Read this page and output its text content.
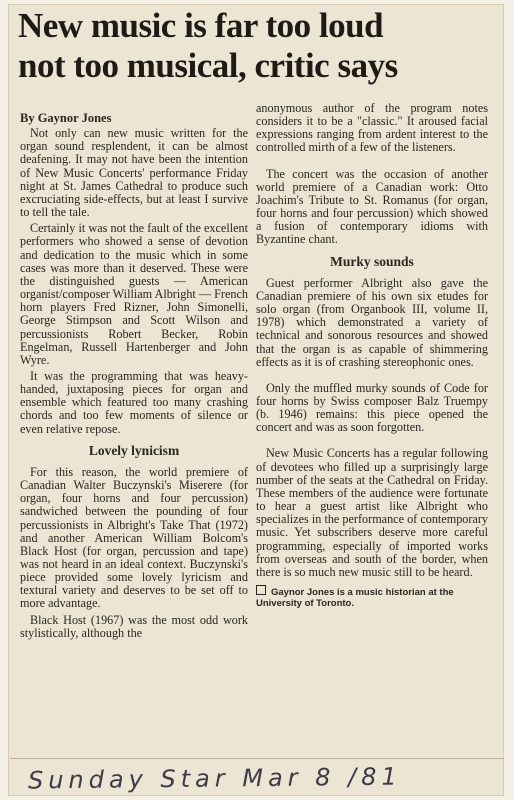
New music is far too loud
not too musical, critic says
By Gaynor Jones

Not only can new music written for the organ sound resplendent, it can be almost deafening. It may not have been the intention of New Music Concerts' performance Friday night at St. James Cathedral to produce such excruciating side-effects, but at least I survive to tell the tale.

Certainly it was not the fault of the excellent performers who showed a sense of devotion and dedication to the music which in some cases was more than it deserved. These were the distinguished guests — American organist/composer William Albright — French horn players Fred Rizner, John Simonelli, George Stimpson and Scott Wilson and percussionists Robert Becker, Robin Engelman, Russell Hartenberger and John Wyre.

It was the programming that was heavy-handed, juxtaposing pieces for organ and ensemble which featured too many crashing chords and too few moments of silence or even relative repose.

Lovely lynicism

For this reason, the world premiere of Canadian Walter Buczynski's Miserere (for organ, four horns and four percussion) sandwiched between the pounding of four percussionists in Albright's Take That (1972) and another American William Bolcom's Black Host (for organ, percussion and tape) was not heard in an ideal context. Buczynski's piece provided some lovely lyricism and textural variety and deserves to be set off to more advantage.

Black Host (1967) was the most odd work stylistically, although the

anonymous author of the program notes considers it to be a "classic." It aroused facial expressions ranging from ardent interest to the controlled mirth of a few of the listeners.

The concert was the occasion of another world premiere of a Canadian work: Otto Joachim's Tribute to St. Romanus (for organ, four horns and four percussion) which showed a fusion of contemporary idioms with Byzantine chant.

Murky sounds

Guest performer Albright also gave the Canadian premiere of his own six etudes for solo organ (from Organbook III, volume II, 1978) which demonstrated a variety of technical and sonorous resources and showed that the organ is as capable of shimmering effects as it is of crashing stereophonic ones.

Only the muffled murky sounds of Code for four horns by Swiss composer Balz Truempy (b. 1946) remains: this piece opened the concert and was as soon forgotten.

New Music Concerts has a regular following of devotees who filled up a surprisingly large number of the seats at the Cathedral on Friday. These members of the audience were fortunate to hear a guest artist like Albright who specializes in the performance of contemporary music. Yet subscribers deserve more careful programming, especially of imported works from overseas and south of the border, when there is so much new music still to be heard.

Gaynor Jones is a music historian at the University of Toronto.
Sunday Star Mar 8 /81
